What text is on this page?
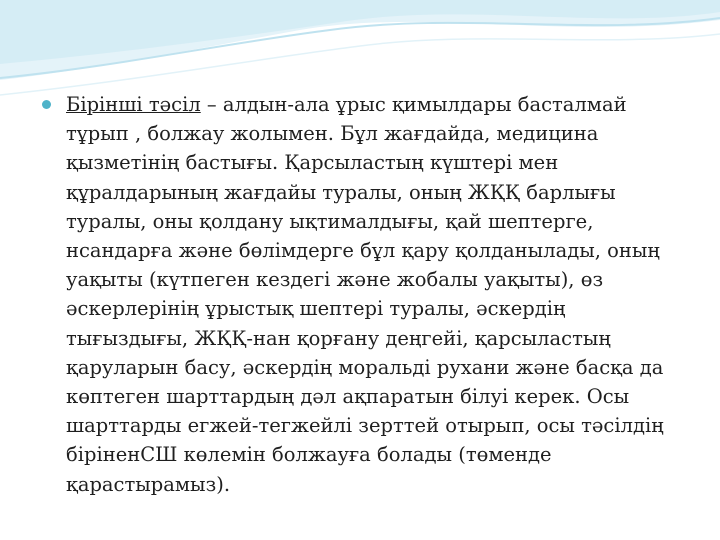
Бірінші тәсіл – алдын-ала ұрыс қимылдары басталмай тұрып , болжау жолымен. Бұл жағдайда, медицина қызметінің бастығы. Қарсыластың күштері мен құралдарының жағдайы туралы, оның ЖҚҚ барлығы туралы, оны қолдану ықтималдығы, қай шептерге, нсандарға және бөлімдерге бұл қару қолданылады, оның уақыты (күтпеген кездегі және жобалы уақыты), өз әскерлерінің ұрыстық шептері туралы, әскердің тығыздығы, ЖҚҚ-нан қорғану деңгейі, қарсыластың қаруларын басу, әскердің моральді рухани және басқа да көптеген шарттардың дәл ақпаратын білуі керек. Осы шарттарды егжей-тегжейлі зерттей отырып, осы тәсілдің біріненСШ көлемін болжауға болады (төменде қарастырамыз).
